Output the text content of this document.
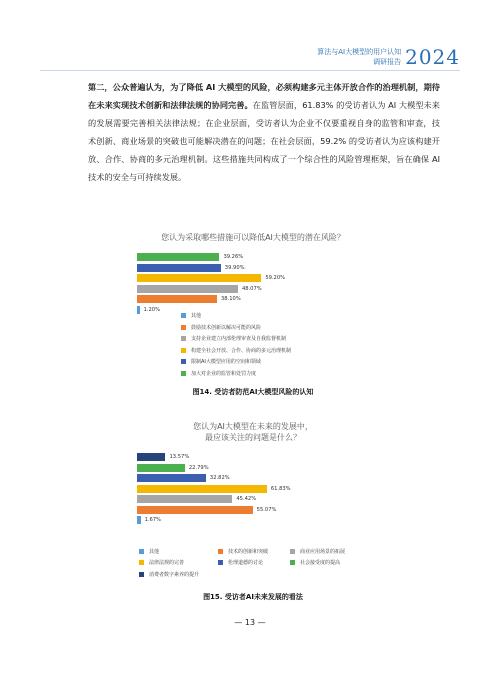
算法与AI大模型的用户认知
调研报告 2024
第二，公众普遍认为，为了降低 AI 大模型的风险，必须构建多元主体开放合作的治理机制，期待在未来实现技术创新和法律法规的协同完善。在监管层面，61.83% 的受访者认为 AI 大模型未来的发展需要完善相关法律法规；在企业层面，受访者认为企业不仅要重视自身的监管和审查，技术创新、商业场景的突破也可能解决潜在的问题；在社会层面，59.2% 的受访者认为应该构建开放、合作、协商的多元治理机制。这些措施共同构成了一个综合性的风险管理框架，旨在确保 AI 技术的安全与可持续发展。
您认为采取哪些措施可以降低AI大模型的潜在风险？
39.26%
39.90%
59.20%
48.07%
38.10%
1.20%
其他
鼓励技术创新以解决可能的风险
支持企业建立内部伦理审查及自我监督机制
构建全社会开放、合作、协商的多元治理机制
限制AI大模型应用的空间和领域
加大对企业的监管和处罚力度
图14. 受访者防范AI大模型风险的认知
您认为AI大模型在未来的发展中，
最应该关注的问题是什么？
13.57%
22.79%
32.82%
61.83%
45.42%
55.07%
1.67%
其他	技术的创新和突破	商业应用场景的拓展
法律法规的完善	伦理道德的讨论	社会接受度的提高
消费者数字素养的提升
图15. 受访者AI未来发展的看法
— 13 —
